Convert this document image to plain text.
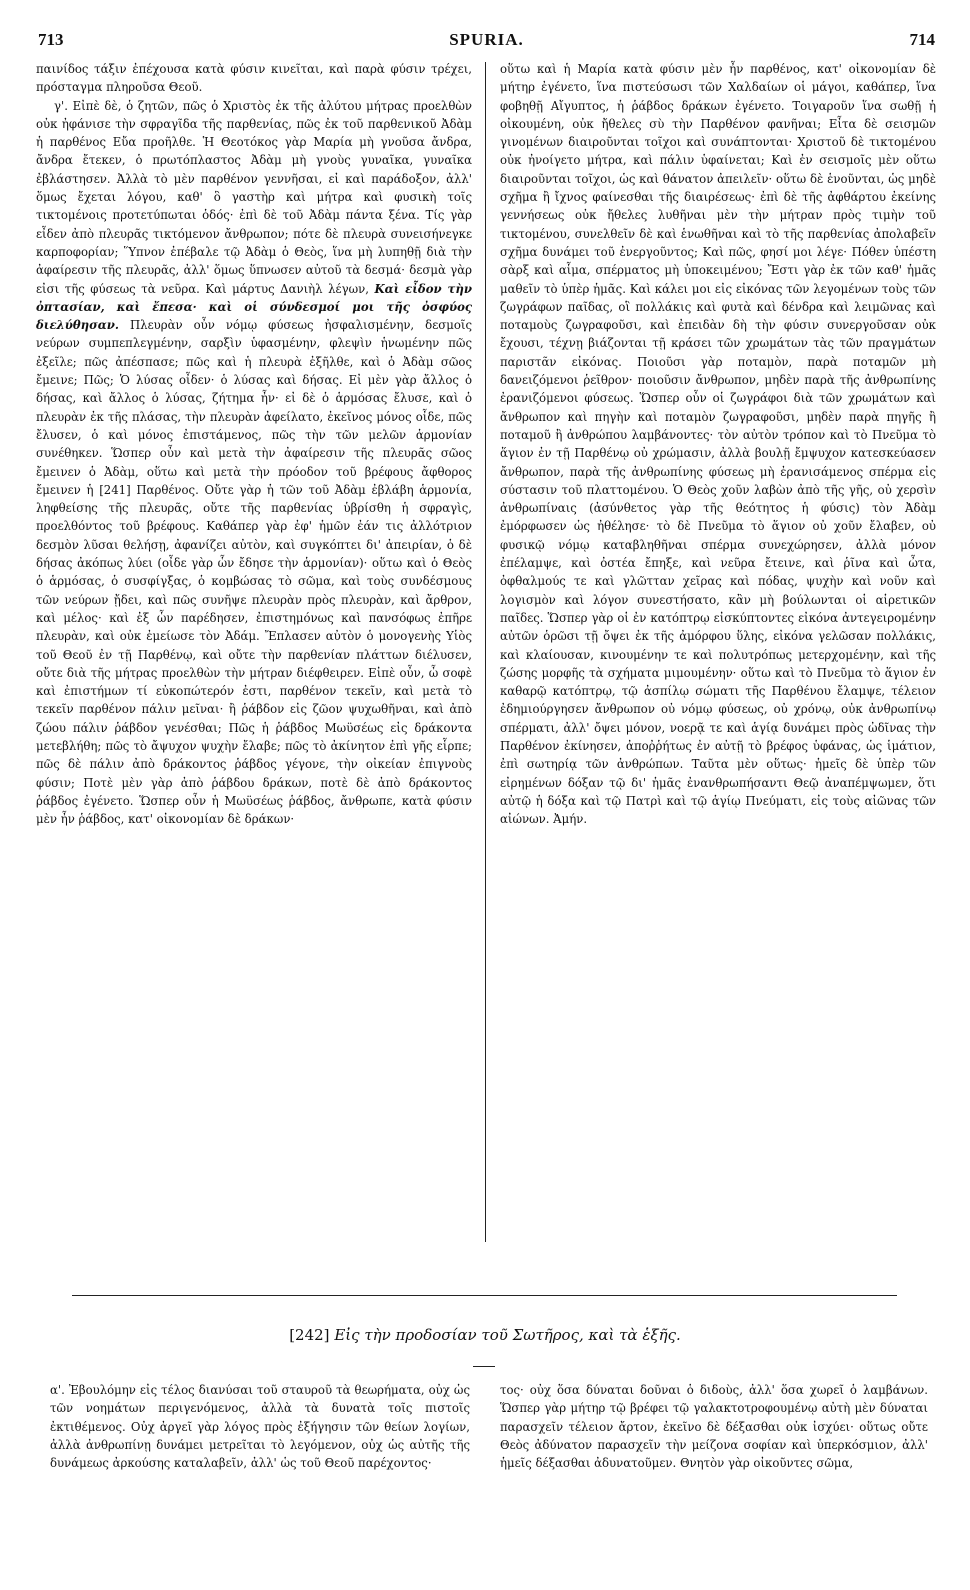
713	SPURIA.	714

παινίδος τάξιν ἐπέχουσα κατὰ φύσιν κινεῖται, καὶ παρὰ φύσιν τρέχει, πρόσταγμα πληροῦσα Θεοῦ.

γ'. Εἰπὲ δὲ, ὁ ζητῶν, πῶς ὁ Χριστὸς ἐκ τῆς ἀλύτου μήτρας προελθὼν οὐκ ἠφάνισε τὴν σφραγῖδα τῆς παρθενίας, πῶς ἐκ τοῦ παρθενικοῦ Ἀδὰμ ἡ παρθένος Εὔα προῆλθε. Ἡ Θεοτόκος γὰρ Μαρία μὴ γνοῦσα ἄνδρα, ἄνδρα ἔτεκεν, ὁ πρωτόπλαστος Ἀδὰμ μὴ γνοὺς γυναῖκα, γυναῖκα ἐβλάστησεν. Ἀλλὰ τὸ μὲν παρθένον γεννῆσαι, εἰ καὶ παράδοξον, ἀλλ' ὅμως ἔχεται λόγου, καθ' ὃ γαστὴρ καὶ μήτρα καὶ φυσικὴ τοῖς τικτομένοις προτετύπωται ὁδός· ἐπὶ δὲ τοῦ Ἀδὰμ πάντα ξένα. Τίς γὰρ εἶδεν ἀπὸ πλευρᾶς τικτόμενον ἄνθρωπον; πότε δὲ πλευρὰ συνεισήνεγκε καρποφορίαν; Ὕπνον ἐπέβαλε τῷ Ἀδὰμ ὁ Θεὸς, ἵνα μὴ λυπηθῇ διὰ τὴν ἀφαίρεσιν τῆς πλευρᾶς, ἀλλ' ὅμως ὕπνωσεν αὐτοῦ τὰ δεσμά· δεσμὰ γὰρ εἰσι τῆς φύσεως τὰ νεῦρα. Καὶ μάρτυς Δανιὴλ λέγων, Καὶ εἶδον τὴν ὀπτασίαν, καὶ ἔπεσα· καὶ οἱ σύνδεσμοί μοι τῆς ὀσφύος διελύθησαν. Πλευρὰν οὖν νόμῳ φύσεως ἠσφαλισμένην, δεσμοῖς νεύρων συμπεπλεγμένην, σαρξὶν ὑφασμένην, φλεψὶν ἡνωμένην πῶς ἐξεῖλε; πῶς ἀπέσπασε; πῶς καὶ ἡ πλευρὰ ἐξῆλθε, καὶ ὁ Ἀδὰμ σῶος ἔμεινε; Πῶς; Ὁ λύσας οἶδεν· ὁ λύσας καὶ δήσας. Εἰ μὲν γὰρ ἄλλος ὁ δήσας, καὶ ἄλλος ὁ λύσας, ζήτημα ἦν· εἰ δὲ ὁ ἁρμόσας ἔλυσε, καὶ ὁ πλευρὰν ἐκ τῆς πλάσας, τὴν πλευρὰν ἀφείλατο, ἐκεῖνος μόνος οἶδε, πῶς ἔλυσεν, ὁ καὶ μόνος ἐπιστάμενος, πῶς τὴν τῶν μελῶν ἁρμονίαν συνέθηκεν. Ὥσπερ οὖν καὶ μετὰ τὴν ἀφαίρεσιν τῆς πλευρᾶς σῶος ἔμεινεν ὁ Ἀδὰμ, οὕτω καὶ μετὰ τὴν πρόοδον τοῦ βρέφους ἄφθορος ἔμεινεν ἡ [241] Παρθένος. Οὔτε γὰρ ἡ τῶν τοῦ Ἀδὰμ ἐβλάβη ἁρμονία, ληφθείσης τῆς πλευρᾶς, οὔτε τῆς παρθενίας ὑβρίσθη ἡ σφραγὶς, προελθόντος τοῦ βρέφους. Καθάπερ γὰρ ἐφ' ἡμῶν ἐάν τις ἀλλότριον δεσμὸν λῦσαι θελήσῃ, ἀφανίζει αὐτὸν, καὶ συγκόπτει δι' ἀπειρίαν, ὁ δὲ δήσας ἀκόπως λύει (οἶδε γὰρ ὧν ἔδησε τὴν ἁρμονίαν)· οὕτω καὶ ὁ Θεὸς ὁ ἁρμόσας, ὁ συσφίγξας, ὁ κομβώσας τὸ σῶμα, καὶ τοὺς συνδέσμους τῶν νεύρων ᾔδει, καὶ πῶς συνῆψε πλευρὰν πρὸς πλευρὰν, καὶ ἄρθρον, καὶ μέλος· καὶ ἐξ ὧν παρέδησεν, ἐπιστημόνως καὶ πανσόφως ἐπῆρε πλευρὰν, καὶ οὐκ ἐμείωσε τὸν Ἀδάμ. Ἔπλασεν αὐτὸν ὁ μονογενὴς Υἱὸς τοῦ Θεοῦ ἐν τῇ Παρθένῳ, καὶ οὔτε τὴν παρθενίαν πλάττων διέλυσεν, οὔτε διὰ τῆς μήτρας προελθὼν τὴν μήτραν διέφθειρεν. Εἰπὲ οὖν, ὦ σοφὲ καὶ ἐπιστήμων τί εὐκοπώτερόν ἐστι, παρθένον τεκεῖν, καὶ μετὰ τὸ τεκεῖν παρθένον πάλιν μεῖναι· ἢ ῥάβδον εἰς ζῶον ψυχωθῆναι, καὶ ἀπὸ ζώου πάλιν ῥάβδον γενέσθαι; Πῶς ἡ ῥάβδος Μωϋσέως εἰς δράκοντα μετεβλήθη; πῶς τὸ ἄψυχον ψυχὴν ἔλαβε; πῶς τὸ ἀκίνητον ἐπὶ γῆς εἷρπε; πῶς δὲ πάλιν ἀπὸ δράκοντος ῥάβδος γέγονε, τὴν οἰκείαν ἐπιγνοὺς φύσιν; Ποτὲ μὲν γὰρ ἀπὸ ῥάβδου δράκων, ποτὲ δὲ ἀπὸ δράκοντος ῥάβδος ἐγένετο. Ὥσπερ οὖν ἡ Μωϋσέως ῥάβδος, ἄνθρωπε, κατὰ φύσιν μὲν ἦν ῥάβδος, κατ' οἰκονομίαν δὲ δράκων·

οὕτω καὶ ἡ Μαρία κατὰ φύσιν μὲν ἦν παρθένος, κατ' οἰκονομίαν δὲ μήτηρ ἐγένετο, ἵνα πιστεύσωσι τῶν Χαλδαίων οἱ μάγοι, καθάπερ, ἵνα φοβηθῇ Αἴγυπτος, ἡ ῥάβδος δράκων ἐγένετο. Τοιγαροῦν ἵνα σωθῇ ἡ οἰκουμένη, οὐκ ἤθελες σὺ τὴν Παρθένον φανῆναι; Εἶτα δὲ σεισμῶν γινομένων διαιροῦνται τοῖχοι καὶ συνάπτονται· Χριστοῦ δὲ τικτομένου οὐκ ἠνοίγετο μήτρα, καὶ πάλιν ὑφαίνεται; Καὶ ἐν σεισμοῖς μὲν οὕτω διαιροῦνται τοῖχοι, ὡς καὶ θάνατον ἀπειλεῖν· οὕτω δὲ ἑνοῦνται, ὡς μηδὲ σχῆμα ἢ ἴχνος φαίνεσθαι τῆς διαιρέσεως· ἐπὶ δὲ τῆς ἀφθάρτου ἐκείνης γεννήσεως οὐκ ἤθελες λυθῆναι μὲν τὴν μήτραν πρὸς τιμὴν τοῦ τικτομένου, συνελθεῖν δὲ καὶ ἑνωθῆναι καὶ τὸ τῆς παρθενίας ἀπολαβεῖν σχῆμα δυνάμει τοῦ ἐνεργοῦντος; Καὶ πῶς, φησί μοι λέγε· Πόθεν ὑπέστη σὰρξ καὶ αἷμα, σπέρματος μὴ ὑποκειμένου; Ἔστι γὰρ ἐκ τῶν καθ' ἡμᾶς μαθεῖν τὸ ὑπὲρ ἡμᾶς. Καὶ κάλει μοι εἰς εἰκόνας τῶν λεγομένων τοὺς τῶν ζωγράφων παῖδας, οἳ πολλάκις καὶ φυτὰ καὶ δένδρα καὶ λειμῶνας καὶ ποταμοὺς ζωγραφοῦσι, καὶ ἐπειδὰν δὴ τὴν φύσιν συνεργοῦσαν οὐκ ἔχουσι, τέχνῃ βιάζονται τῇ κράσει τῶν χρωμάτων τὰς τῶν πραγμάτων παριστᾶν εἰκόνας. Ποιοῦσι γὰρ ποταμὸν, παρὰ ποταμῶν μὴ δανειζόμενοι ῥεῖθρον· ποιοῦσιν ἄνθρωπον, μηδὲν παρὰ τῆς ἀνθρωπίνης ἐρανιζόμενοι φύσεως. Ὥσπερ οὖν οἱ ζωγράφοι διὰ τῶν χρωμάτων καὶ ἄνθρωπον καὶ πηγὴν καὶ ποταμὸν ζωγραφοῦσι, μηδὲν παρὰ πηγῆς ἢ ποταμοῦ ἢ ἀνθρώπου λαμβάνοντες· τὸν αὐτὸν τρόπον καὶ τὸ Πνεῦμα τὸ ἅγιον ἐν τῇ Παρθένῳ οὐ χρώμασιν, ἀλλὰ βουλῇ ἔμψυχον κατεσκεύασεν ἄνθρωπον, παρὰ τῆς ἀνθρωπίνης φύσεως μὴ ἐρανισάμενος σπέρμα εἰς σύστασιν τοῦ πλαττομένου. Ὁ Θεὸς χοῦν λαβὼν ἀπὸ τῆς γῆς, οὐ χερσὶν ἀνθρωπίναις (ἀσύνθετος γὰρ τῆς θεότητος ἡ φύσις) τὸν Ἀδὰμ ἐμόρφωσεν ὡς ἠθέλησε· τὸ δὲ Πνεῦμα τὸ ἅγιον οὐ χοῦν ἔλαβεν, οὐ φυσικῷ νόμῳ καταβληθῆναι σπέρμα συνεχώρησεν, ἀλλὰ μόνον ἐπέλαμψε, καὶ ὀστέα ἔπηξε, καὶ νεῦρα ἔτεινε, καὶ ῥῖνα καὶ ὦτα, ὀφθαλμούς τε καὶ γλῶτταν χεῖρας καὶ πόδας, ψυχὴν καὶ νοῦν καὶ λογισμὸν καὶ λόγον συνεστήσατο, κἂν μὴ βούλωνται οἱ αἱρετικῶν παῖδες. Ὥσπερ γὰρ οἱ ἐν κατόπτρῳ εἰσκύπτοντες εἰκόνα ἀντεγειρομένην αὐτῶν ὁρῶσι τῇ ὄψει ἐκ τῆς ἀμόρφου ὕλης, εἰκόνα γελῶσαν πολλάκις, καὶ κλαίουσαν, κινουμένην τε καὶ πολυτρόπως μετερχομένην, καὶ τῆς ζώσης μορφῆς τὰ σχήματα μιμουμένην· οὕτω καὶ τὸ Πνεῦμα τὸ ἅγιον ἐν καθαρῷ κατόπτρῳ, τῷ ἀσπίλῳ σώματι τῆς Παρθένου ἔλαμψε, τέλειον ἐδημιούργησεν ἄνθρωπον οὐ νόμῳ φύσεως, οὐ χρόνῳ, οὐκ ἀνθρωπίνῳ σπέρματι, ἀλλ' ὄψει μόνον, νοερᾷ τε καὶ ἁγίᾳ δυνάμει πρὸς ὠδῖνας τὴν Παρθένον ἐκίνησεν, ἀποῤῥήτως ἐν αὐτῇ τὸ βρέφος ὑφάνας, ὡς ἱμάτιον, ἐπὶ σωτηρίᾳ τῶν ἀνθρώπων. Ταῦτα μὲν οὕτως· ἡμεῖς δὲ ὑπὲρ τῶν εἰρημένων δόξαν τῷ δι' ἡμᾶς ἐνανθρωπήσαντι Θεῷ ἀναπέμψωμεν, ὅτι αὐτῷ ἡ δόξα καὶ τῷ Πατρὶ καὶ τῷ ἁγίῳ Πνεύματι, εἰς τοὺς αἰῶνας τῶν αἰώνων. Ἀμήν.

[242] Εἰς τὴν προδοσίαν τοῦ Σωτῆρος, καὶ τὰ ἑξῆς.

α'. Ἐβουλόμην εἰς τέλος διανύσαι τοῦ σταυροῦ τὰ θεωρήματα, οὐχ ὡς τῶν νοημάτων περιγενόμενος, ἀλλὰ τὰ δυνατὰ τοῖς πιστοῖς ἐκτιθέμενος. Οὐχ ἀργεῖ γὰρ λόγος πρὸς ἐξήγησιν τῶν θείων λογίων, ἀλλὰ ἀνθρωπίνῃ δυνάμει μετρεῖται τὸ λεγόμενον, οὐχ ὡς αὐτῆς τῆς δυνάμεως ἀρκούσης καταλαβεῖν, ἀλλ' ὡς τοῦ Θεοῦ παρέχοντος·

τος· οὐχ ὅσα δύναται δοῦναι ὁ διδοὺς, ἀλλ' ὅσα χωρεῖ ὁ λαμβάνων. Ὥσπερ γὰρ μήτηρ τῷ βρέφει τῷ γαλακτοτροφουμένῳ αὐτὴ μὲν δύναται παρασχεῖν τέλειον ἄρτον, ἐκεῖνο δὲ δέξασθαι οὐκ ἰσχύει· οὕτως οὔτε Θεὸς ἀδύνατον παρασχεῖν τὴν μείζονα σοφίαν καὶ ὑπερκόσμιον, ἀλλ' ἡμεῖς δέξασθαι ἀδυνατοῦμεν. Θνητὸν γὰρ οἰκοῦντες σῶμα,
